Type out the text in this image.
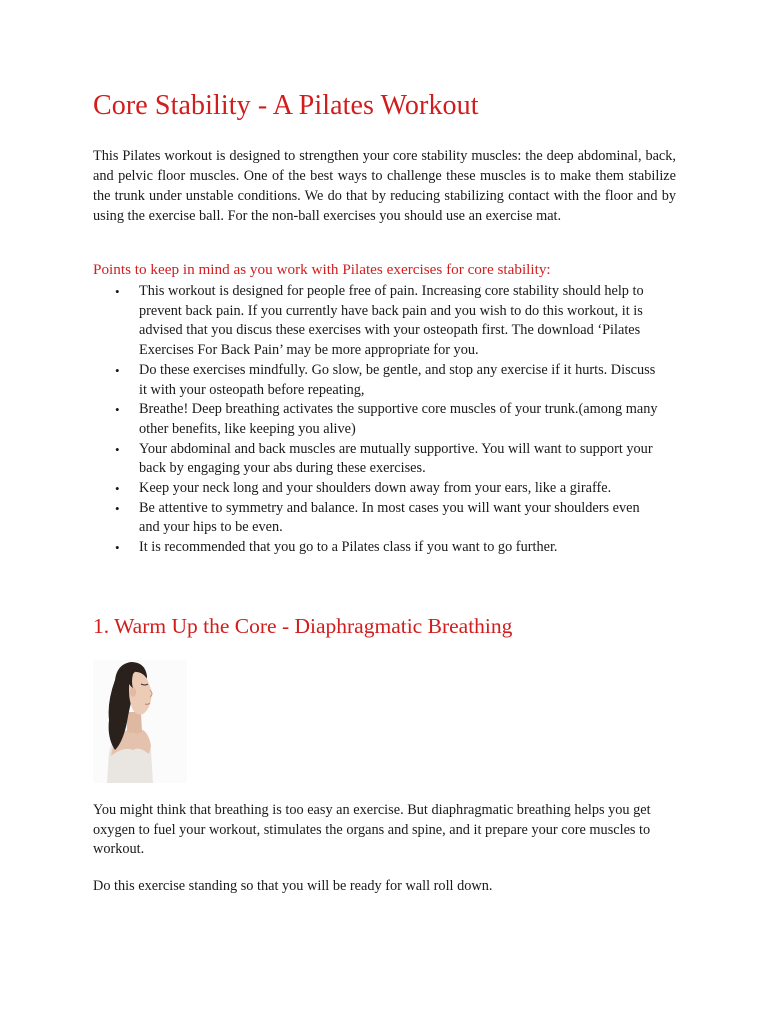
Core Stability - A Pilates Workout

This Pilates workout is designed to strengthen your core stability muscles: the deep abdominal, back, and pelvic floor muscles. One of the best ways to challenge these muscles is to make them stabilize the trunk under unstable conditions. We do that by reducing stabilizing contact with the floor and by using the exercise ball. For the non-ball exercises you should use an exercise mat.

Points to keep in mind as you work with Pilates exercises for core stability:
• This workout is designed for people free of pain. Increasing core stability should help to prevent back pain. If you currently have back pain and you wish to do this workout, it is advised that you discus these exercises with your osteopath first. The download ‘Pilates Exercises For Back Pain’ may be more appropriate for you.
• Do these exercises mindfully. Go slow, be gentle, and stop any exercise if it hurts. Discuss it with your osteopath before repeating,
• Breathe! Deep breathing activates the supportive core muscles of your trunk.(among many other benefits, like keeping you alive)
• Your abdominal and back muscles are mutually supportive. You will want to support your back by engaging your abs during these exercises.
• Keep your neck long and your shoulders down away from your ears, like a giraffe.
• Be attentive to symmetry and balance. In most cases you will want your shoulders even and your hips to be even.
• It is recommended that you go to a Pilates class if you want to go further.
1. Warm Up the Core - Diaphragmatic Breathing

You might think that breathing is too easy an exercise. But diaphragmatic breathing helps you get oxygen to fuel your workout, stimulates the organs and spine, and it prepare your core muscles to workout.

Do this exercise standing so that you will be ready for wall roll down.
